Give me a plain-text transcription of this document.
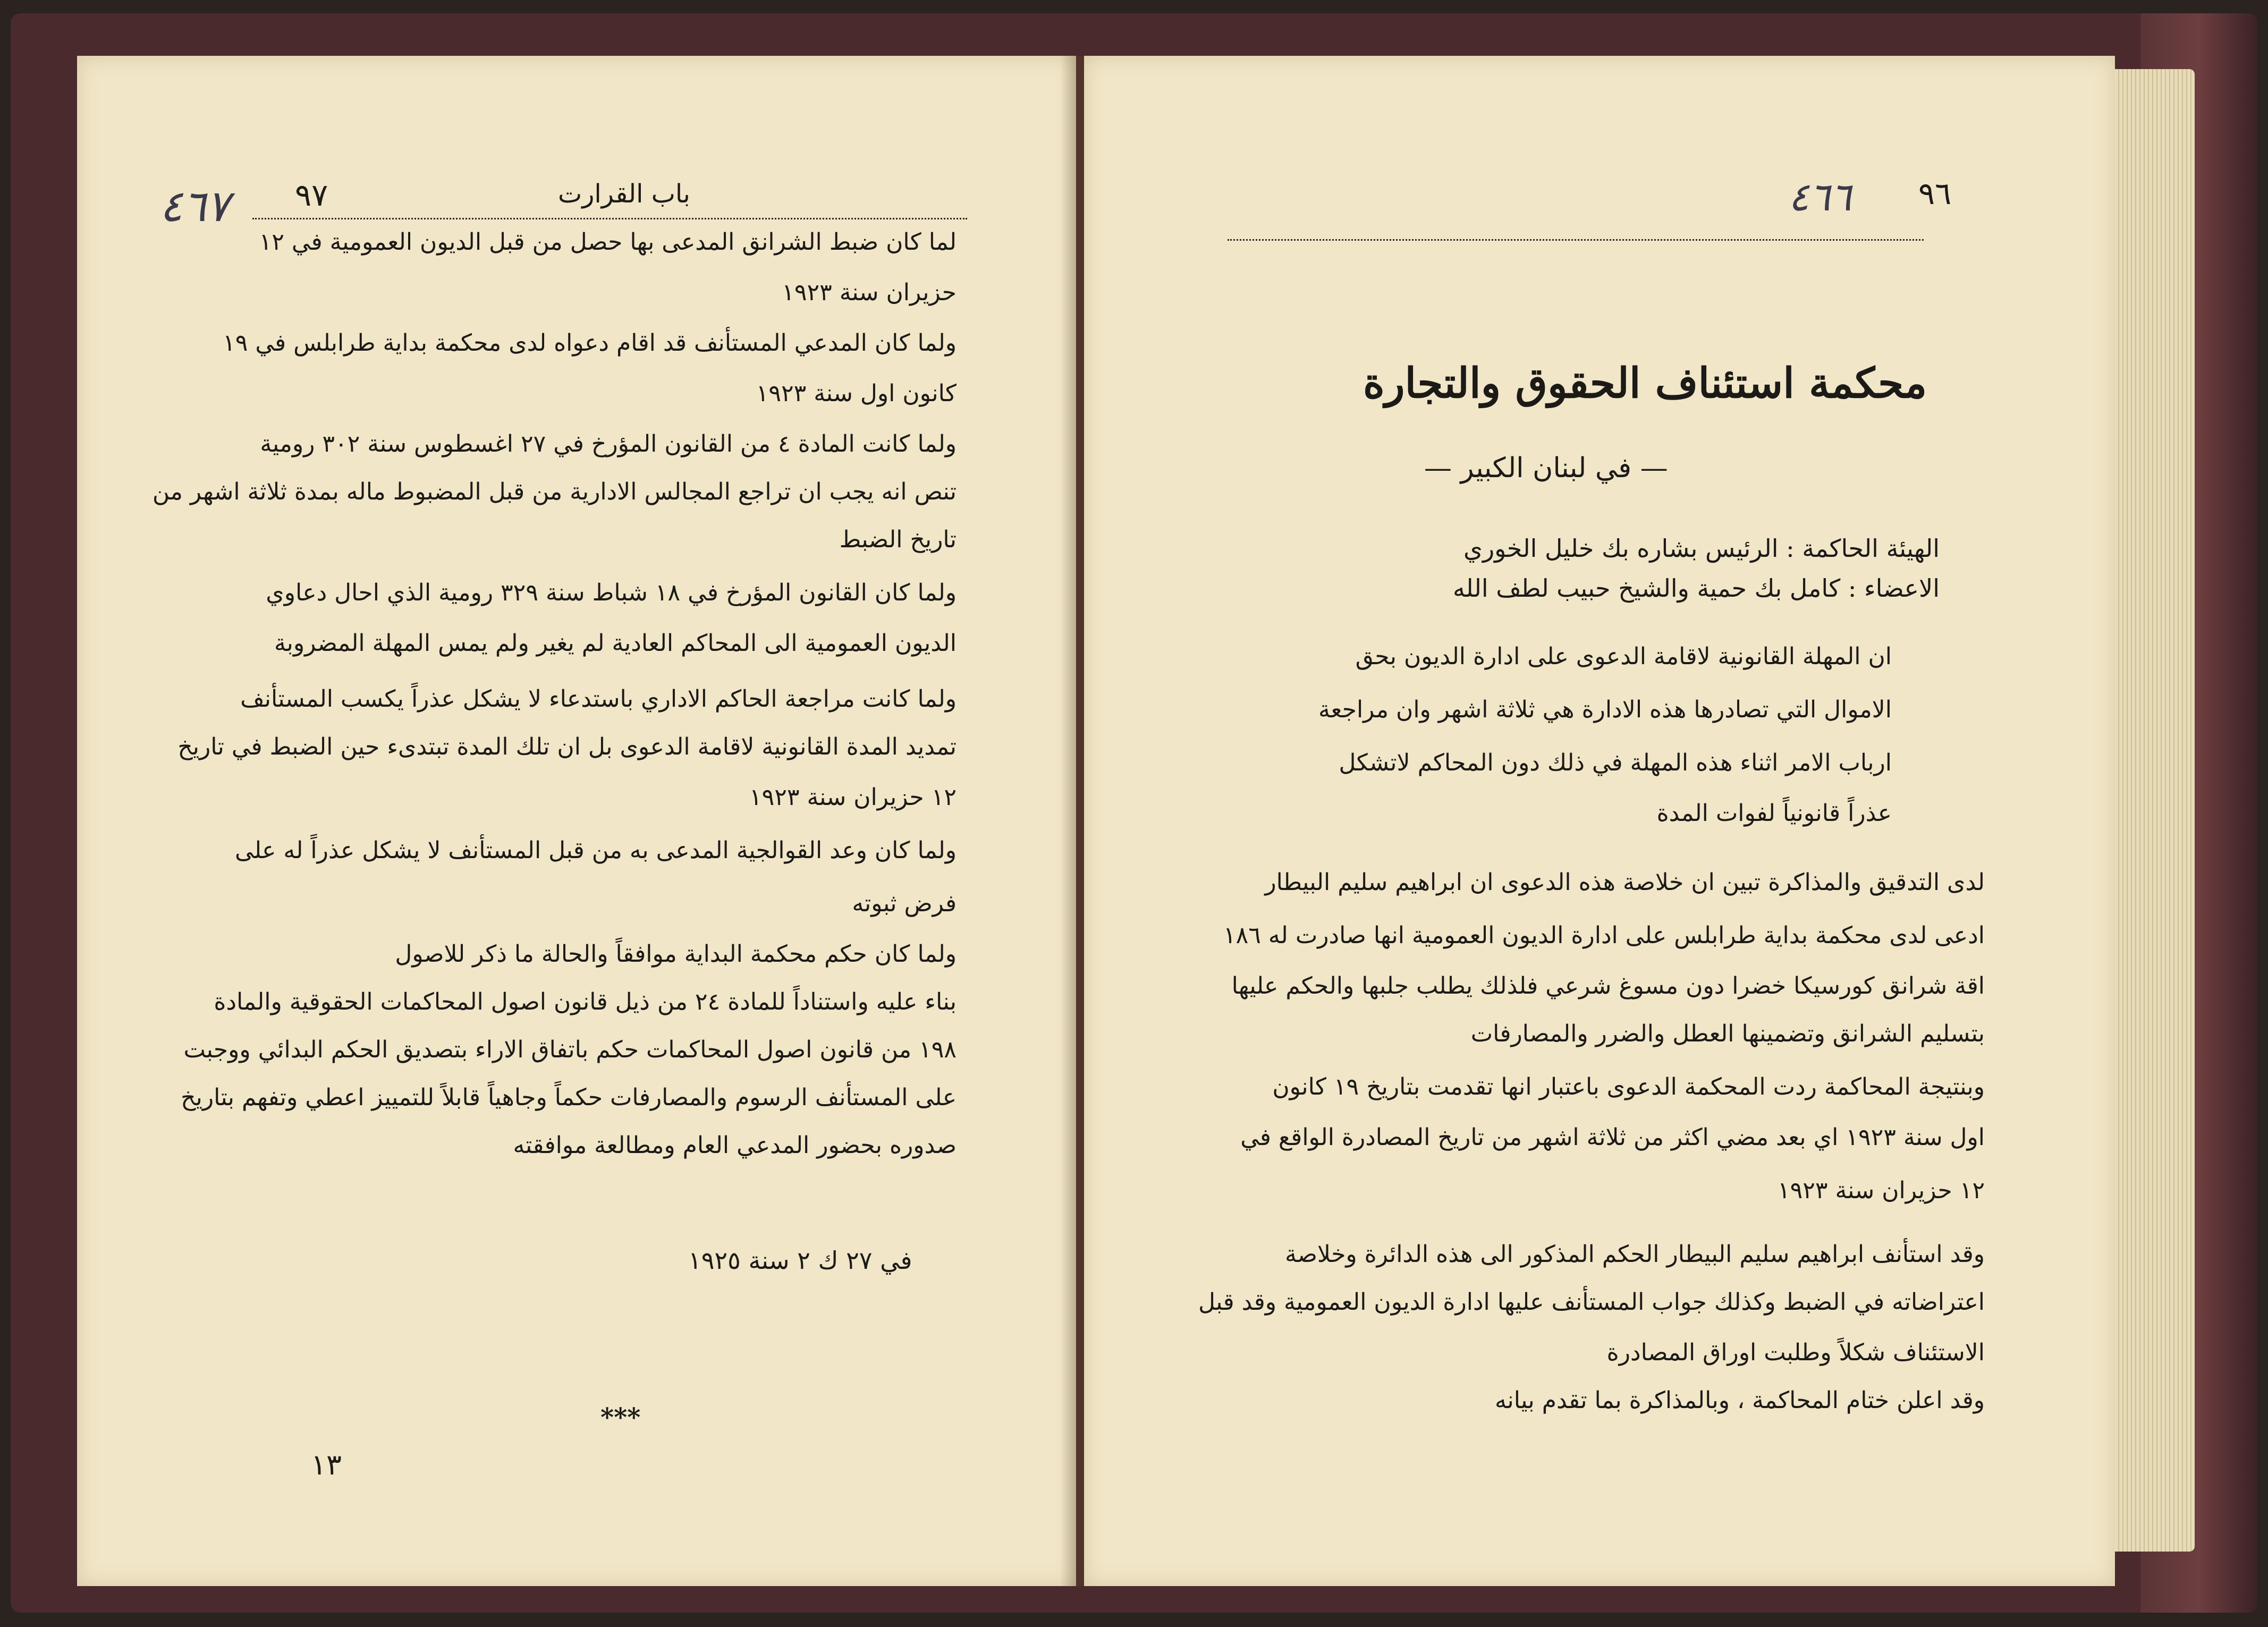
٤٦٧ ٩٧	باب القرارت
لما كان ضبط الشرانق المدعى بها حصل من قبل الديون العمومية في ١٢
حزيران سنة ١٩٢٣
ولما كان المدعي المستأنف قد اقام دعواه لدى محكمة بداية طرابلس في ١٩
كانون اول سنة ١٩٢٣
ولما كانت المادة ٤ من القانون المؤرخ في ٢٧ اغسطوس سنة ٣٠٢ رومية
تنص انه يجب ان تراجع المجالس الادارية من قبل المضبوط ماله بمدة ثلاثة اشهر من
تاريخ الضبط
ولما كان القانون المؤرخ في ١٨ شباط سنة ٣٢٩ رومية الذي احال دعاوي
الديون العمومية الى المحاكم العادية لم يغير ولم يمس المهلة المضروبة
ولما كانت مراجعة الحاكم الاداري باستدعاء لا يشكل عذراً يكسب المستأنف
تمديد المدة القانونية لاقامة الدعوى بل ان تلك المدة تبتدىء حين الضبط في تاريخ
١٢ حزيران سنة ١٩٢٣
ولما كان وعد القوالجية المدعى به من قبل المستأنف لا يشكل عذراً له على
فرض ثبوته
ولما كان حكم محكمة البداية موافقاً والحالة ما ذكر للاصول
بناء عليه واستناداً للمادة ٢٤ من ذيل قانون اصول المحاكمات الحقوقية والمادة
١٩٨ من قانون اصول المحاكمات حكم باتفاق الاراء بتصديق الحكم البدائي ووجبت
على المستأنف الرسوم والمصارفات حكماً وجاهياً قابلاً للتمييز اعطي وتفهم بتاريخ
صدوره بحضور المدعي العام ومطالعة موافقته
في ٢٧ ك ٢ سنة ١٩٢٥
***
١٣
٩٦
٤٦٦
محكمة استئناف الحقوق والتجارة
— في لبنان الكبير —
الهيئة الحاكمة : الرئيس بشاره بك خليل الخوري
الاعضاء : كامل بك حمية والشيخ حبيب لطف الله
ان المهلة القانونية لاقامة الدعوى على ادارة الديون بحق
الاموال التي تصادرها هذه الادارة هي ثلاثة اشهر وان مراجعة
ارباب الامر اثناء هذه المهلة في ذلك دون المحاكم لاتشكل
عذراً قانونياً لفوات المدة
لدى التدقيق والمذاكرة تبين ان خلاصة هذه الدعوى ان ابراهيم سليم البيطار
ادعى لدى محكمة بداية طرابلس على ادارة الديون العمومية انها صادرت له ١٨٦
اقة شرانق كورسيكا خضرا دون مسوغ شرعي فلذلك يطلب جلبها والحكم عليها
بتسليم الشرانق وتضمينها العطل والضرر والمصارفات
وبنتيجة المحاكمة ردت المحكمة الدعوى باعتبار انها تقدمت بتاريخ ١٩ كانون
اول سنة ١٩٢٣ اي بعد مضي اكثر من ثلاثة اشهر من تاريخ المصادرة الواقع في
١٢ حزيران سنة ١٩٢٣
وقد استأنف ابراهيم سليم البيطار الحكم المذكور الى هذه الدائرة وخلاصة
اعتراضاته في الضبط وكذلك جواب المستأنف عليها ادارة الديون العمومية وقد قبل
الاستئناف شكلاً وطلبت اوراق المصادرة
وقد اعلن ختام المحاكمة ، وبالمذاكرة بما تقدم بيانه
